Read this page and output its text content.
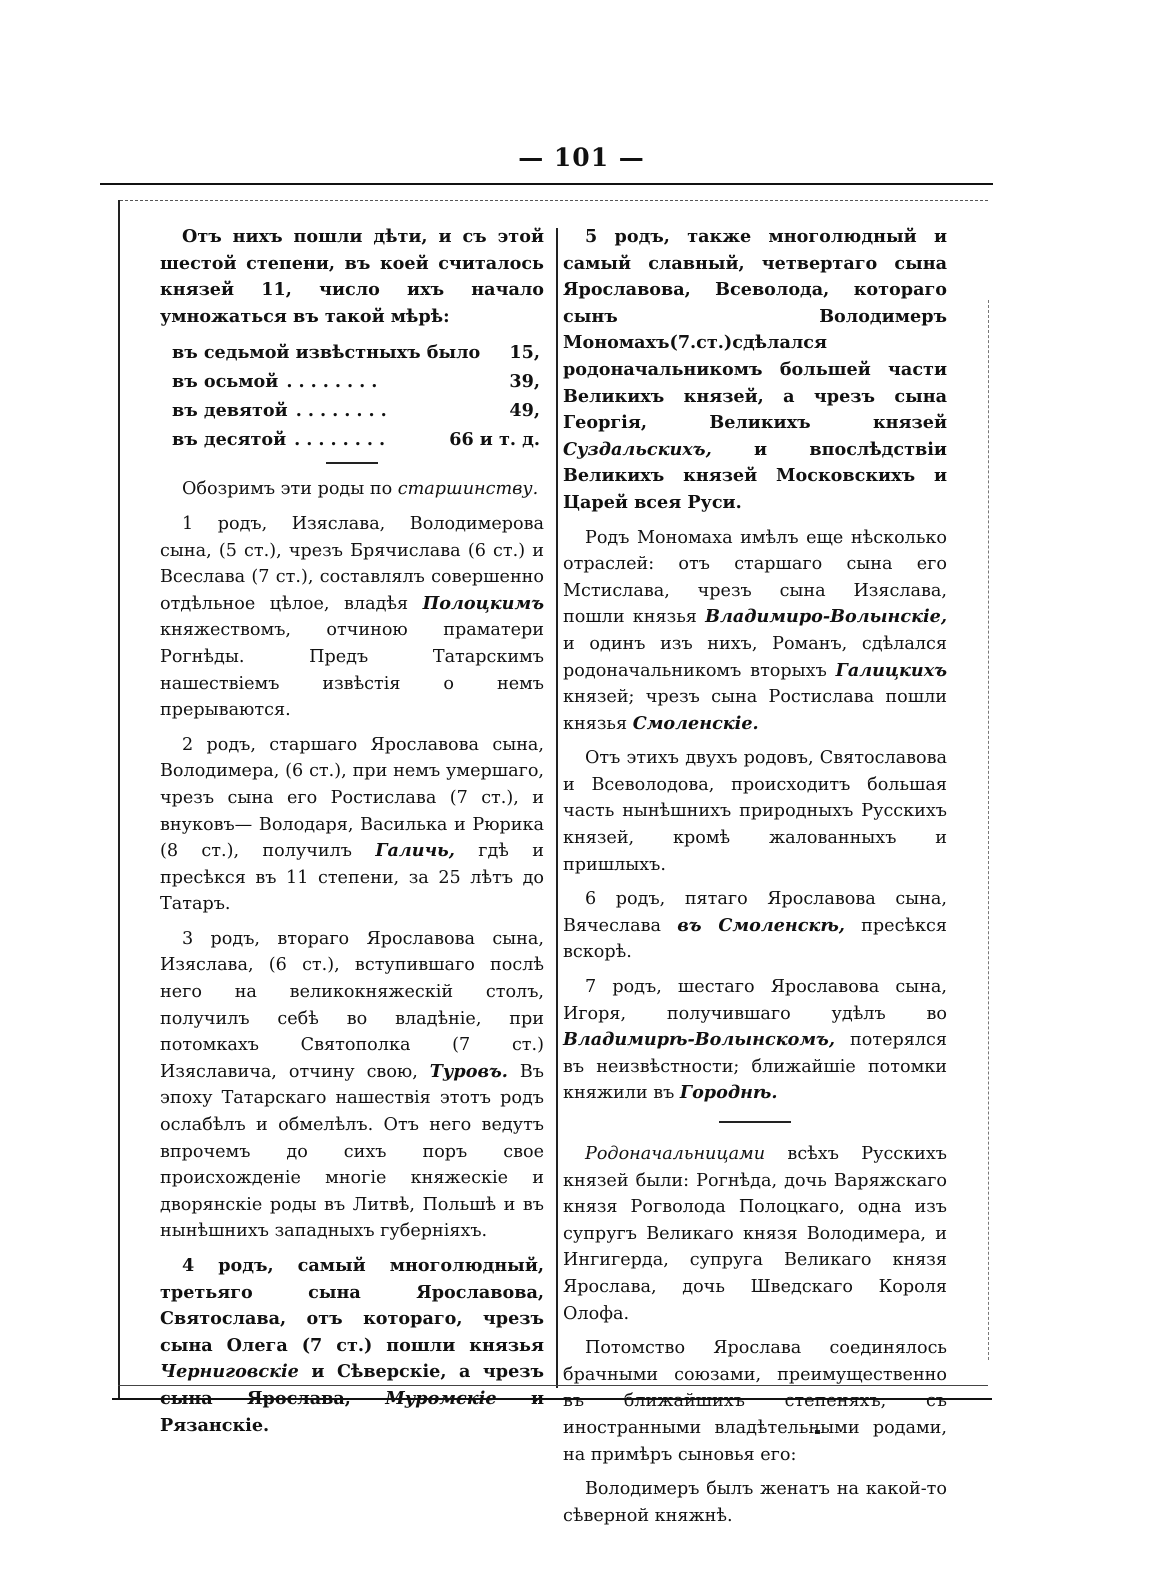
— 101 —

Отъ нихъ пошли дѣти, и съ этой шестой степени, въ коей считалось князей 11, число ихъ начало умножаться въ такой мѣрѣ:

въ седьмой извѣстныхъ было 15,
въ осьмой ........	39,
въ девятой ........	49,
въ десятой ........	66 и т. д.

Обозримъ эти роды по старшинству.

1 родъ, Изяслава, Володимерова сына, (5 ст.), чрезъ Брячислава (6 ст.) и Всеслава (7 ст.), составлялъ совершенно отдѣльное цѣлое, владѣя Полоцкимъ княжествомъ, отчиною праматери Рогнѣды. Предъ Татарскимъ нашествіемъ извѣстія о немъ прерываются.

2 родъ, старшаго Ярославова сына, Володимера, (6 ст.), при немъ умершаго, чрезъ сына его Ростислава (7 ст.), и внуковъ— Володаря, Василька и Рюрика (8 ст.), получилъ Галичь, гдѣ и пресѣкся въ 11 степени, за 25 лѣтъ до Татаръ.

3 родъ, втораго Ярославова сына, Изяслава, (6 ст.), вступившаго послѣ него на великокняжескій столъ, получилъ себѣ во владѣніе, при потомкахъ Святополка (7 ст.) Изяславича, отчину свою, Туровъ. Въ эпоху Татарскаго нашествія этотъ родъ ослабѣлъ и обмелѣлъ. Отъ него ведутъ впрочемъ до сихъ поръ свое происхожденіе многіе княжескіе и дворянскіе роды въ Литвѣ, Польшѣ и въ нынѣшнихъ западныхъ губерніяхъ.

4 родъ, самый многолюдный, третьяго сына Ярославова, Святослава, отъ котораго, чрезъ сына Олега (7 ст.) пошли князья Черниговскіе и Сѣверскіе, а чрезъ сына Ярослава, Муромскіе и Рязанскіе.

5 родъ, также многолюдный и самый славный, четвертаго сына Ярославова, Всеволода, котораго сынъ Володимеръ Мономахъ(7.ст.)сдѣлался родоначальникомъ большей части Великихъ князей, а чрезъ сына Георгія, Великихъ князей Суздальскихъ, и впослѣдствіи Великихъ князей Московскихъ и Царей всея Руси.

Родъ Мономаха имѣлъ еще нѣсколько отраслей: отъ старшаго сына его Мстислава, чрезъ сына Изяслава, пошли князья Владимиро-Волынскіе, и одинъ изъ нихъ, Романъ, сдѣлался родоначальникомъ вторыхъ Галицкихъ князей; чрезъ сына Ростислава пошли князья Смоленскіе.

Отъ этихъ двухъ родовъ, Святославова и Всеволодова, происходитъ большая часть нынѣшнихъ природныхъ Русскихъ князей, кромѣ жалованныхъ и пришлыхъ.

6 родъ, пятаго Ярославова сына, Вячеслава въ Смоленскѣ, пресѣкся вскорѣ.

7 родъ, шестаго Ярославова сына, Игоря, получившаго удѣлъ во Владимирѣ-Волынскомъ, потерялся въ неизвѣстности; ближайшіе потомки княжили въ Городнѣ.

Родоначальницами всѣхъ Русскихъ князей были: Рогнѣда, дочь Варяжскаго князя Рогволода Полоцкаго, одна изъ супругъ Великаго князя Володимера, и Ингигерда, супруга Великаго князя Ярослава, дочь Шведскаго Короля Олофа.

Потомство Ярослава соединялось брачными союзами, преимущественно въ ближайшихъ степеняхъ, съ иностранными владѣтельными родами, на примѣръ сыновья его:

Володимеръ былъ женатъ на какой-то сѣверной княжнѣ.
